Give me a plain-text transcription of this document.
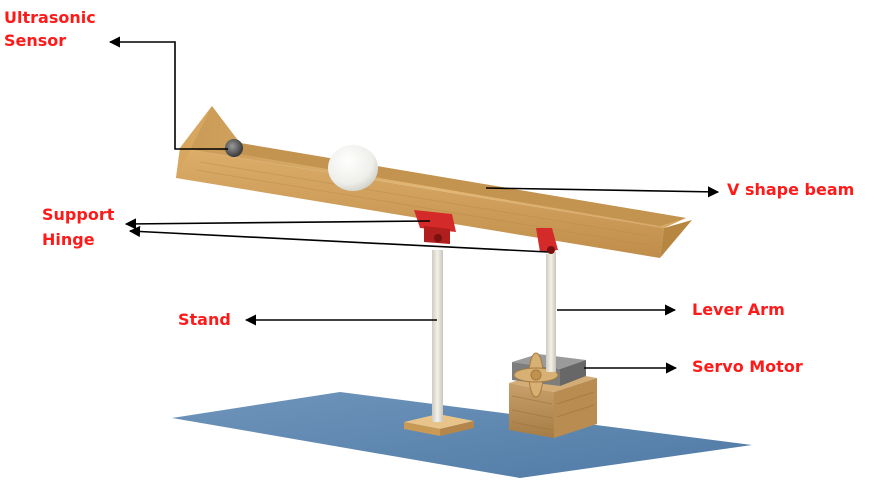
Ultrasonic
Sensor
Support
Hinge
Stand
V shape beam
Lever Arm
Servo Motor
